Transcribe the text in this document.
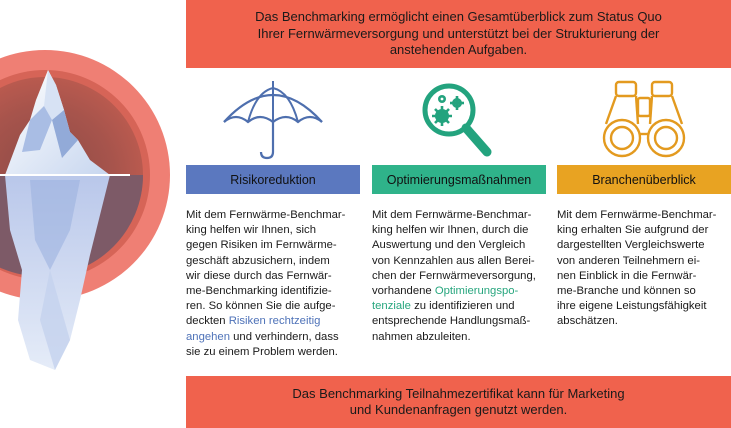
Das Benchmarking ermöglicht einen Gesamtüberblick zum Status Quo
Ihrer Fernwärmeversorgung und unterstützt bei der Strukturierung der
anstehenden Aufgaben.
Risikoreduktion
Mit dem Fernwärme-Benchmar-
king helfen wir Ihnen, sich
gegen Risiken im Fernwärme-
geschäft abzusichern, indem
wir diese durch das Fernwär-
me-Benchmarking identifizie-
ren. So können Sie die aufge-
deckten Risiken rechtzeitig
angehen und verhindern, dass
sie zu einem Problem werden.
Optimierungsmaßnahmen
Mit dem Fernwärme-Benchmar-
king helfen wir Ihnen, durch die
Auswertung und den Vergleich
von Kennzahlen aus allen Berei-
chen der Fernwärmeversorgung,
vorhandene Optimierungspo-
tenziale zu identifizieren und
entsprechende Handlungsmaß-
nahmen abzuleiten.
Branchenüberblick
Mit dem Fernwärme-Benchmar-
king erhalten Sie aufgrund der
dargestellten Vergleichswerte
von anderen Teilnehmern ei-
nen Einblick in die Fernwär-
me-Branche und können so
ihre eigene Leistungsfähigkeit
abschätzen.
Das Benchmarking Teilnahmezertifikat kann für Marketing
und Kundenanfragen genutzt werden.
